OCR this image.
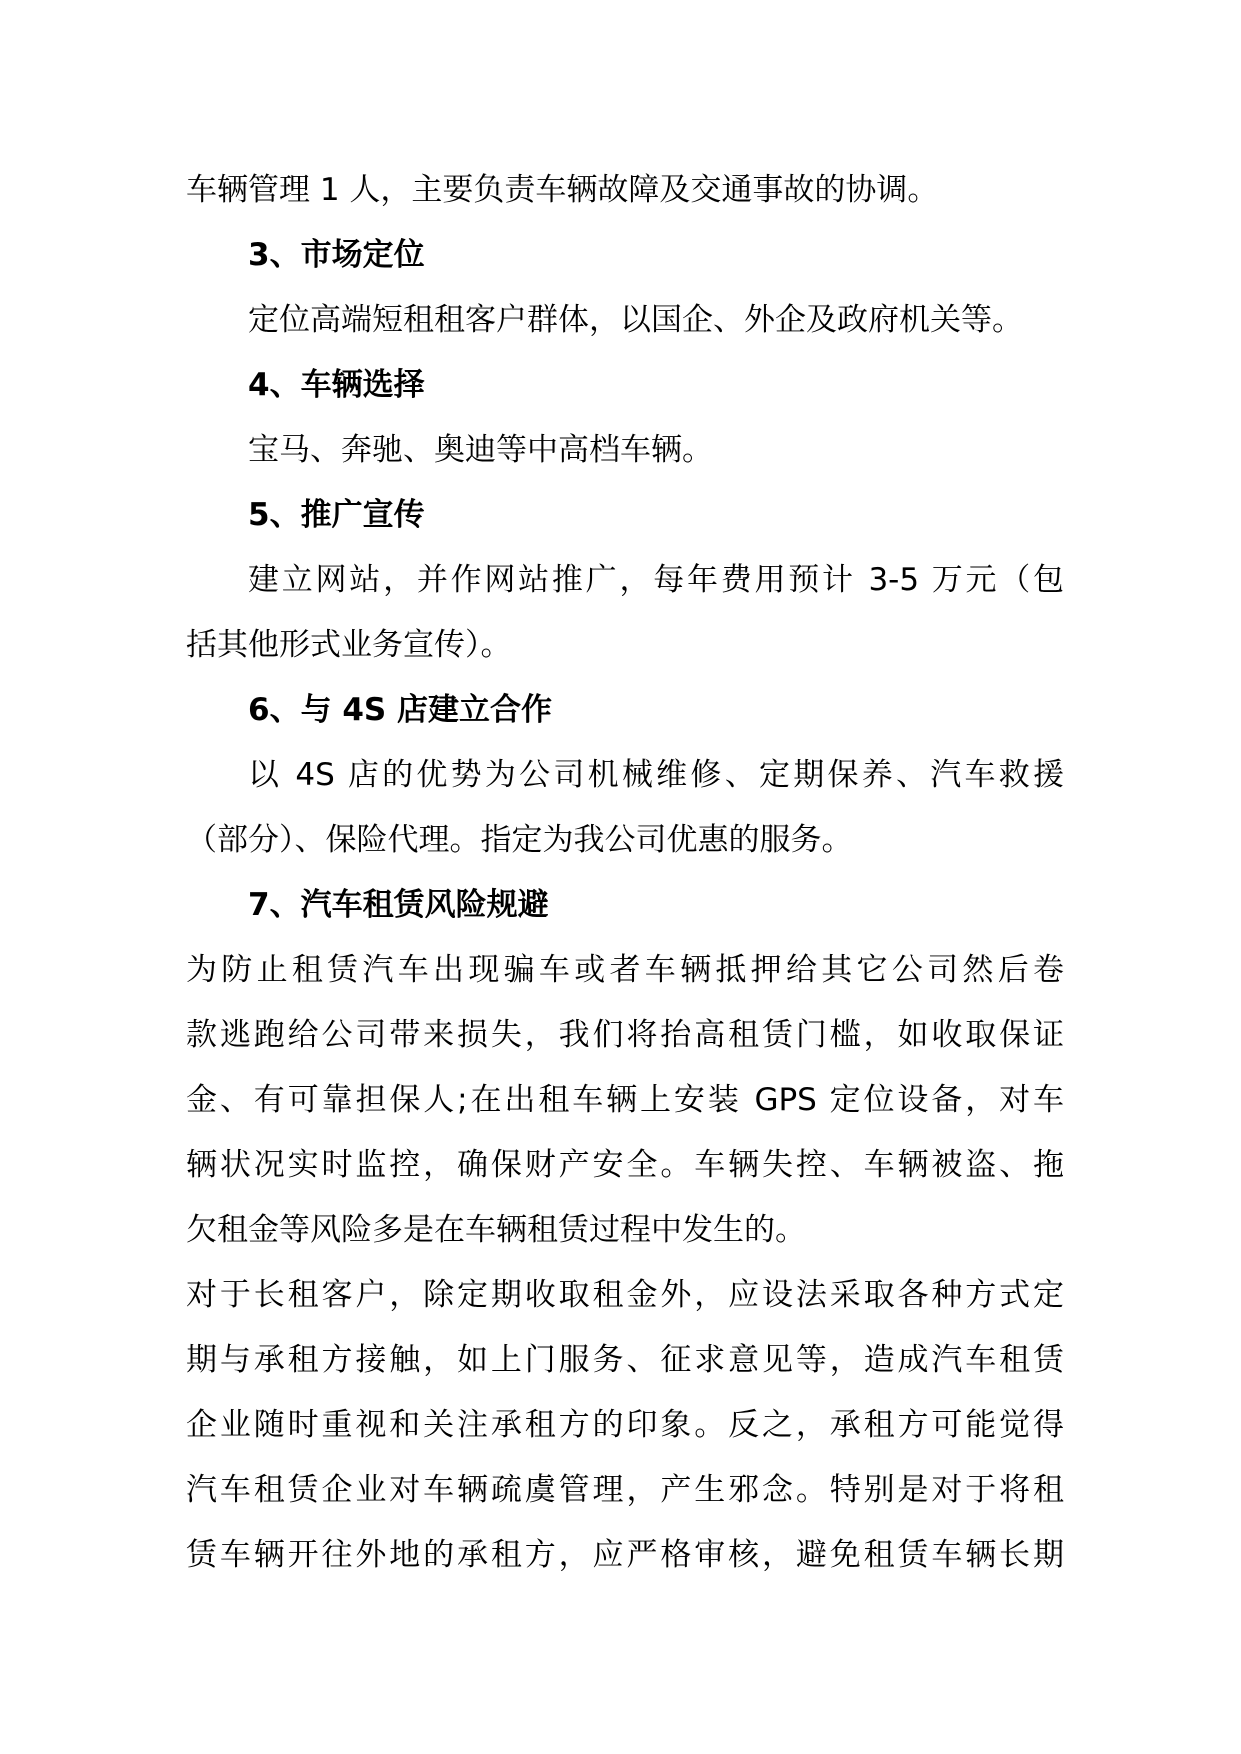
车辆管理 1 人，主要负责车辆故障及交通事故的协调。
3、市场定位
定位高端短租租客户群体，以国企、外企及政府机关等。
4、车辆选择
宝马、奔驰、奥迪等中高档车辆。
5、推广宣传
建立网站，并作网站推广，每年费用预计 3-5 万元（包
括其他形式业务宣传）。
6、与 4S 店建立合作
以 4S 店的优势为公司机械维修、定期保养、汽车救援
（部分）、保险代理。指定为我公司优惠的服务。
7、汽车租赁风险规避
为防止租赁汽车出现骗车或者车辆抵押给其它公司然后卷
款逃跑给公司带来损失，我们将抬高租赁门槛，如收取保证
金、有可靠担保人;在出租车辆上安装 GPS 定位设备，对车
辆状况实时监控，确保财产安全。车辆失控、车辆被盗、拖
欠租金等风险多是在车辆租赁过程中发生的。
对于长租客户，除定期收取租金外，应设法采取各种方式定
期与承租方接触，如上门服务、征求意见等，造成汽车租赁
企业随时重视和关注承租方的印象。反之，承租方可能觉得
汽车租赁企业对车辆疏虞管理，产生邪念。特别是对于将租
赁车辆开往外地的承租方，应严格审核，避免租赁车辆长期
